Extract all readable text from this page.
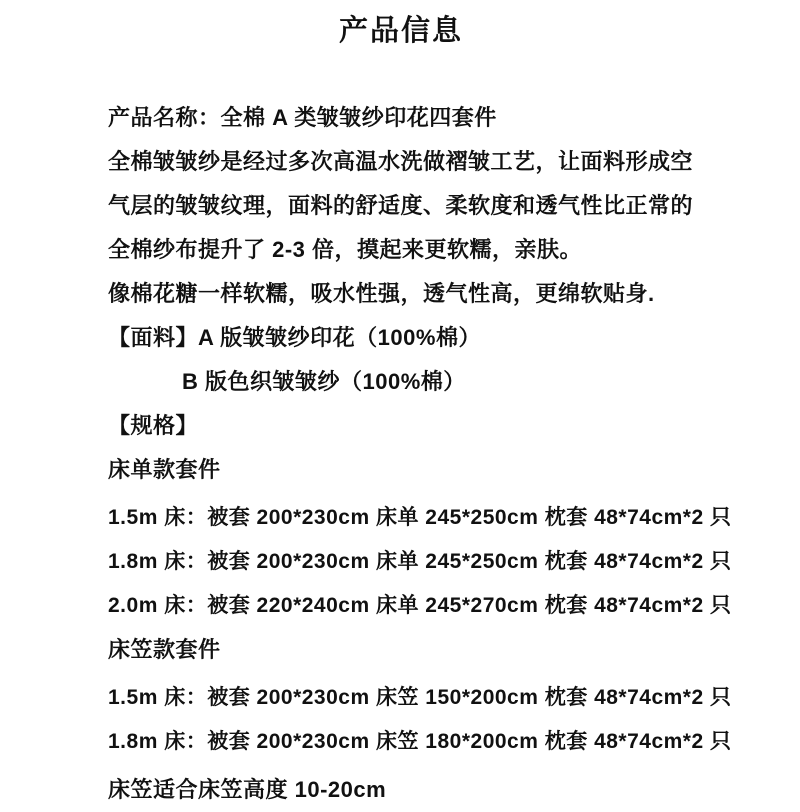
产品信息
产品名称：全棉 A 类皱皱纱印花四套件
全棉皱皱纱是经过多次高温水洗做褶皱工艺，让面料形成空
气层的皱皱纹理，面料的舒适度、柔软度和透气性比正常的
全棉纱布提升了 2-3 倍，摸起来更软糯，亲肤。
像棉花糖一样软糯，吸水性强，透气性高，更绵软贴身.
【面料】A 版皱皱纱印花（100%棉）
B 版色织皱皱纱（100%棉）
【规格】
床单款套件
1.5m 床：被套 200*230cm 床单 245*250cm 枕套 48*74cm*2 只
1.8m 床：被套 200*230cm 床单 245*250cm 枕套 48*74cm*2 只
2.0m 床：被套 220*240cm 床单 245*270cm 枕套 48*74cm*2 只
床笠款套件
1.5m 床：被套 200*230cm 床笠 150*200cm 枕套 48*74cm*2 只
1.8m 床：被套 200*230cm 床笠 180*200cm 枕套 48*74cm*2 只
床笠适合床笠高度 10-20cm
